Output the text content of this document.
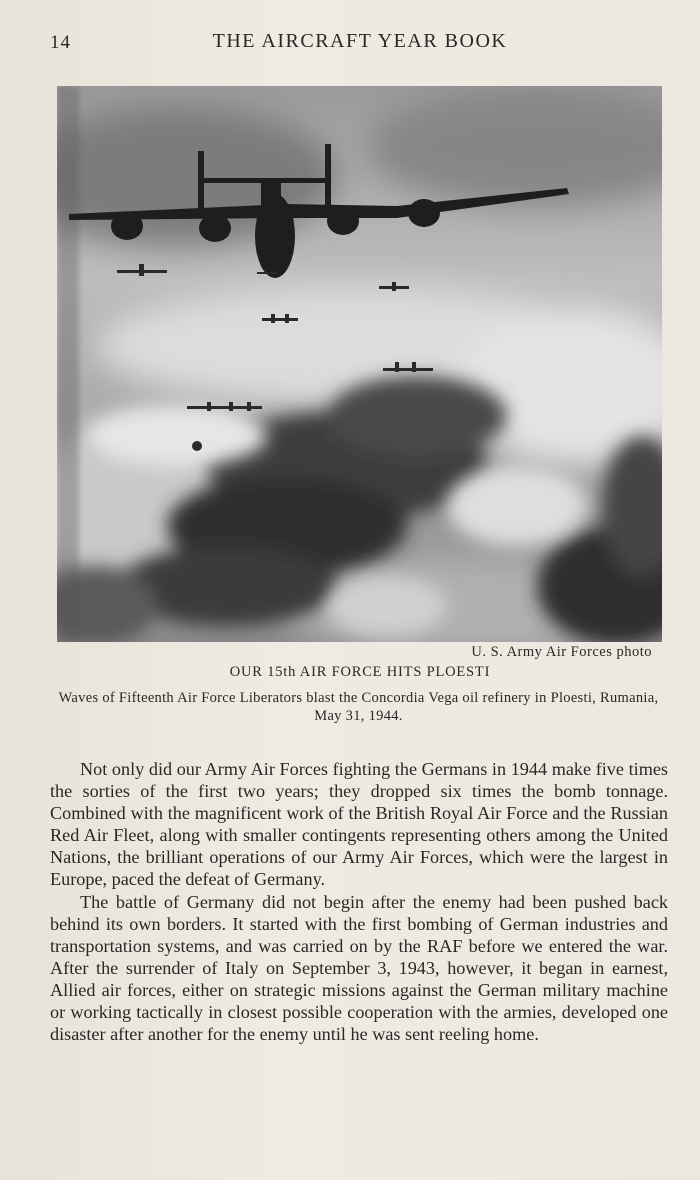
14	THE AIRCRAFT YEAR BOOK
U. S. Army Air Forces photo
OUR 15th AIR FORCE HITS PLOESTI
Waves of Fifteenth Air Force Liberators blast the Concordia Vega oil refinery in Ploesti, Rumania, May 31, 1944.

Not only did our Army Air Forces fighting the Germans in 1944 make five times the sorties of the first two years; they dropped six times the bomb tonnage. Combined with the magnificent work of the British Royal Air Force and the Russian Red Air Fleet, along with smaller contingents representing others among the United Nations, the brilliant operations of our Army Air Forces, which were the largest in Europe, paced the defeat of Germany.

The battle of Germany did not begin after the enemy had been pushed back behind its own borders. It started with the first bombing of German industries and transportation systems, and was carried on by the RAF before we entered the war. After the surrender of Italy on September 3, 1943, however, it began in earnest, Allied air forces, either on strategic missions against the German military machine or working tactically in closest possible cooperation with the armies, developed one disaster after another for the enemy until he was sent reeling home.
